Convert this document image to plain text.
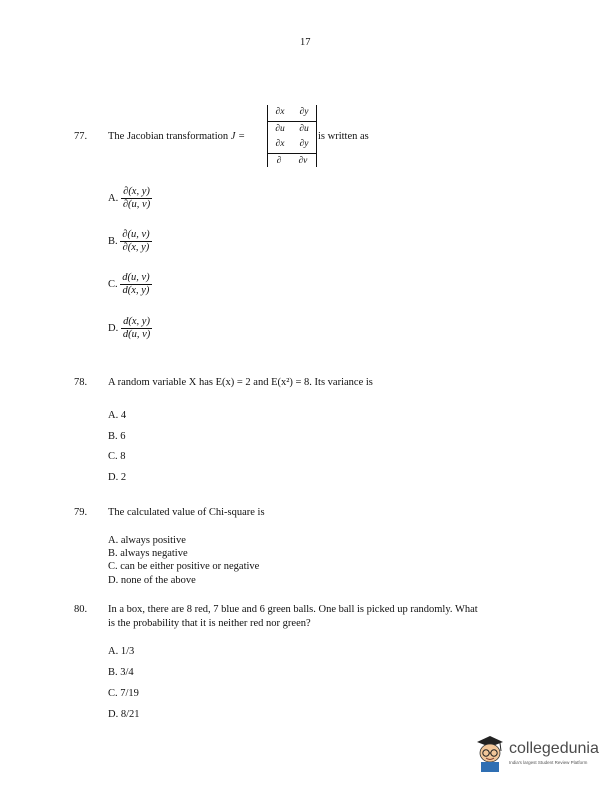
17
77. The Jacobian transformation J =
∂x ∂y
∂u ∂u
∂x ∂y
∂ ∂v
is written as
A. $\frac{\partial(x, y)}{\partial(u, v)}$
B. $\frac{\partial(u, v)}{\partial(x, y)}$
C. $\frac{d(u, v)}{d(x, y)}$
D. $\frac{d(x, y)}{d(u, v)}$
78. A random variable X has E(x) = 2 and E(x²) = 8. Its variance is
A. 4
B. 6
C. 8
D. 2
79. The calculated value of Chi-square is
A. always positive
B. always negative
C. can be either positive or negative
D. none of the above
80. In a box, there are 8 red, 7 blue and 6 green balls. One ball is picked up randomly. What
is the probability that it is neither red nor green?
A. 1/3
B. 3/4
C. 7/19
D. 8/21
collegedunia
India's largest Student Review Platform
